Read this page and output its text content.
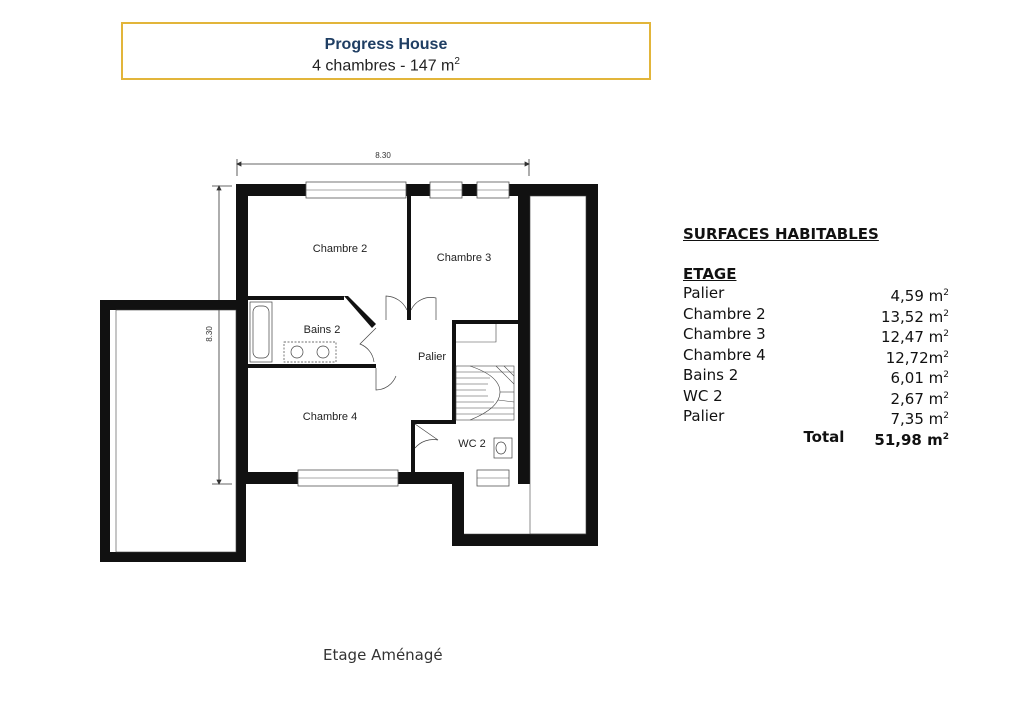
Progress House
4 chambres - 147 $m^2$
8.30
8.30
Chambre 2
Chambre 3
Bains 2
Palier
Chambre 4
WC 2
SURFACES HABITABLES
ETAGE
Palier	4,59 $m^2$
Chambre 2	13,52 $m^2$
Chambre 3	12,47 $m^2$
Chambre 4	$12,72m^2$
Bains 2	6,01 $m^2$
WC 2	2,67 $m^2$
Palier	7,35 $m^2$
Total 51,98 $m^2$
Etage Aménagé
